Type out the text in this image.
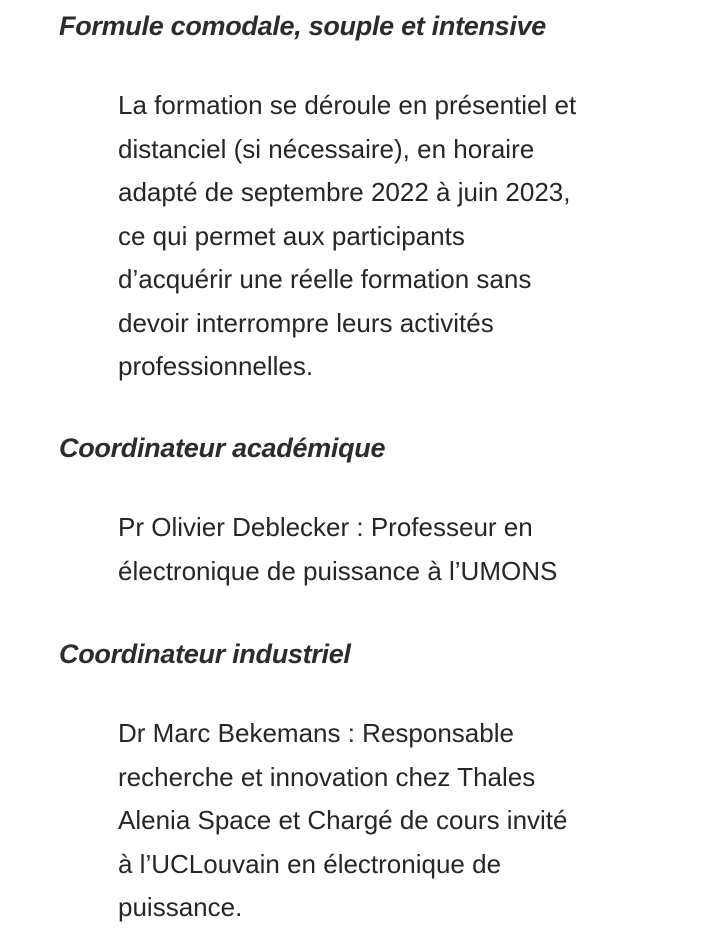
Formule comodale, souple et intensive

La formation se déroule en présentiel et
distanciel (si nécessaire), en horaire
adapté de septembre 2022 à juin 2023,
ce qui permet aux participants
d’acquérir une réelle formation sans
devoir interrompre leurs activités
professionnelles.

Coordinateur académique

Pr Olivier Deblecker : Professeur en
électronique de puissance à l’UMONS

Coordinateur industriel

Dr Marc Bekemans : Responsable
recherche et innovation chez Thales
Alenia Space et Chargé de cours invité
à l’UCLouvain en électronique de
puissance.
